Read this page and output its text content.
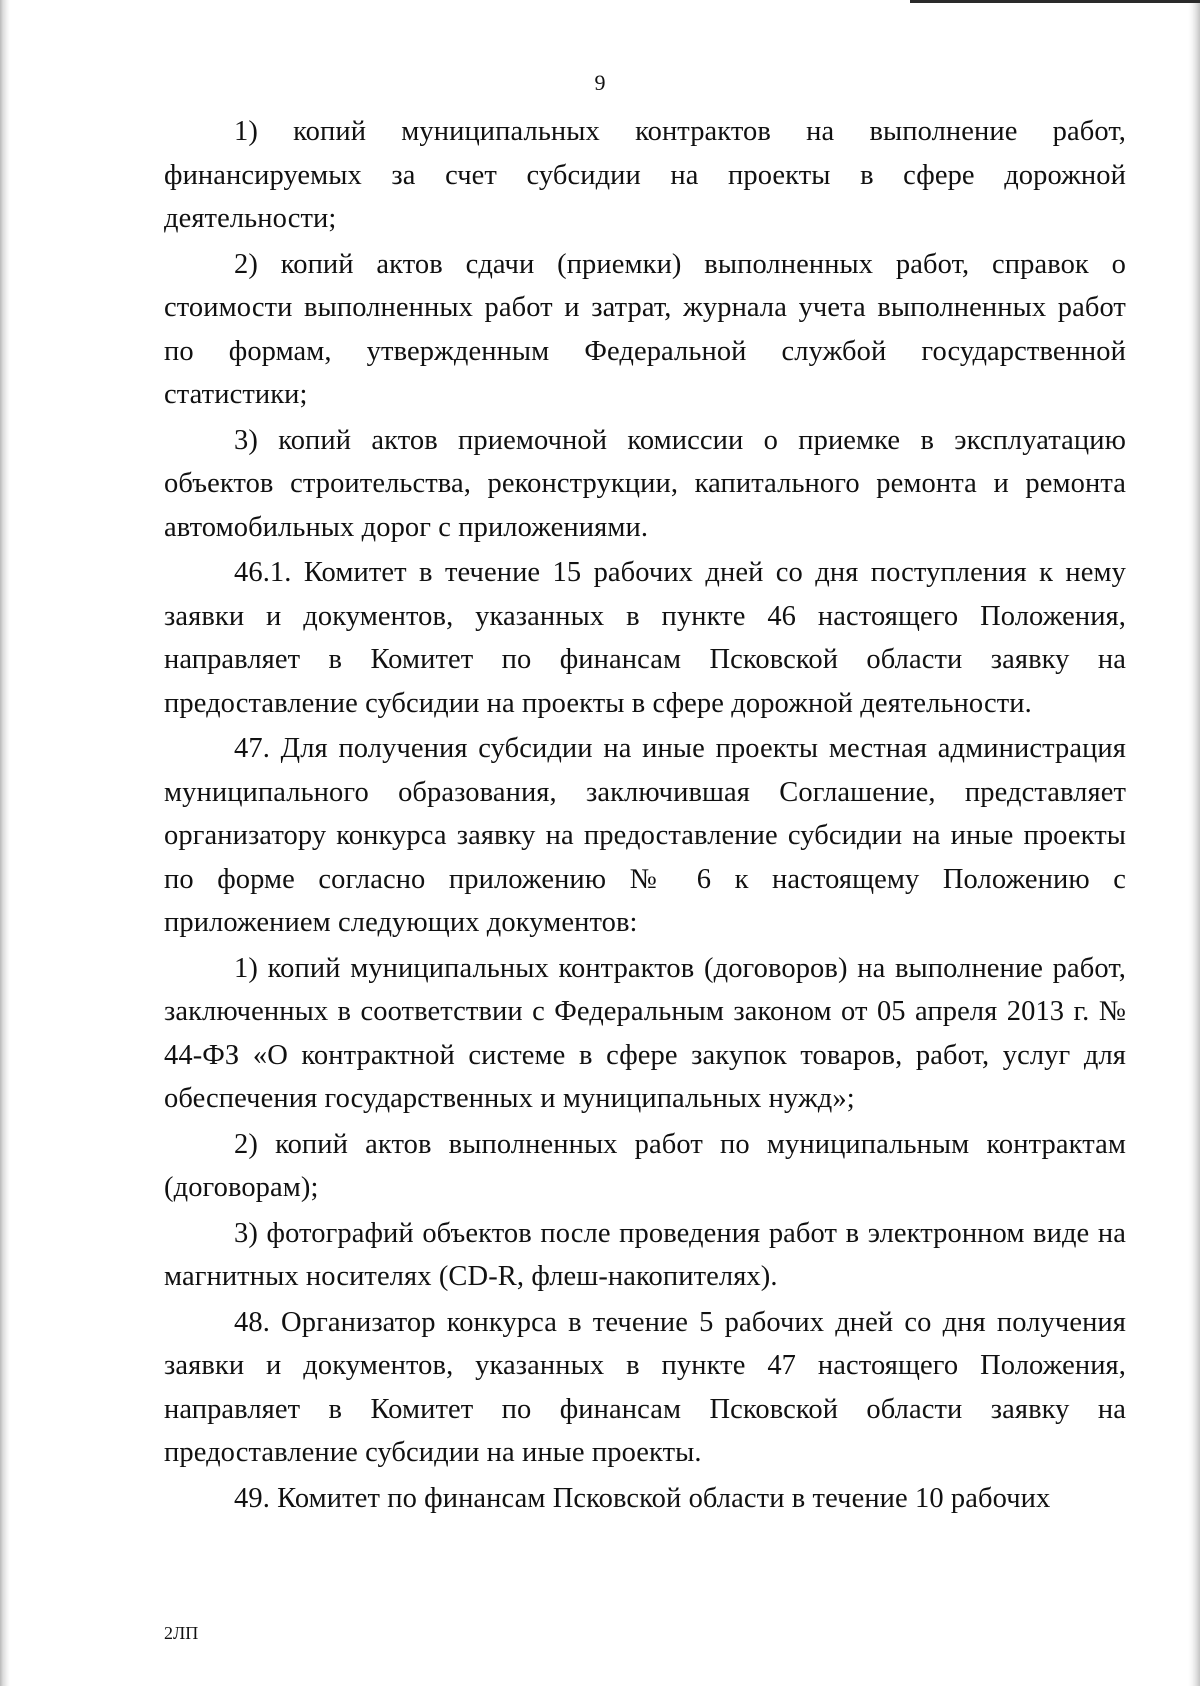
9

1) копий муниципальных контрактов на выполнение работ, финансируемых за счет субсидии на проекты в сфере дорожной деятельности;

2) копий актов сдачи (приемки) выполненных работ, справок о стоимости выполненных работ и затрат, журнала учета выполненных работ по формам, утвержденным Федеральной службой государственной статистики;

3) копий актов приемочной комиссии о приемке в эксплуатацию объектов строительства, реконструкции, капитального ремонта и ремонта автомобильных дорог с приложениями.

46.1. Комитет в течение 15 рабочих дней со дня поступления к нему заявки и документов, указанных в пункте 46 настоящего Положения, направляет в Комитет по финансам Псковской области заявку на предоставление субсидии на проекты в сфере дорожной деятельности.

47. Для получения субсидии на иные проекты местная администрация муниципального образования, заключившая Соглашение, представляет организатору конкурса заявку на предоставление субсидии на иные проекты по форме согласно приложению № 6 к настоящему Положению с приложением следующих документов:

1) копий муниципальных контрактов (договоров) на выполнение работ, заключенных в соответствии с Федеральным законом от 05 апреля 2013 г. № 44-ФЗ «О контрактной системе в сфере закупок товаров, работ, услуг для обеспечения государственных и муниципальных нужд»;

2) копий актов выполненных работ по муниципальным контрактам (договорам);

3) фотографий объектов после проведения работ в электронном виде на магнитных носителях (CD-R, флеш-накопителях).

48. Организатор конкурса в течение 5 рабочих дней со дня получения заявки и документов, указанных в пункте 47 настоящего Положения, направляет в Комитет по финансам Псковской области заявку на предоставление субсидии на иные проекты.

49. Комитет по финансам Псковской области в течение 10 рабочих

2ЛП
